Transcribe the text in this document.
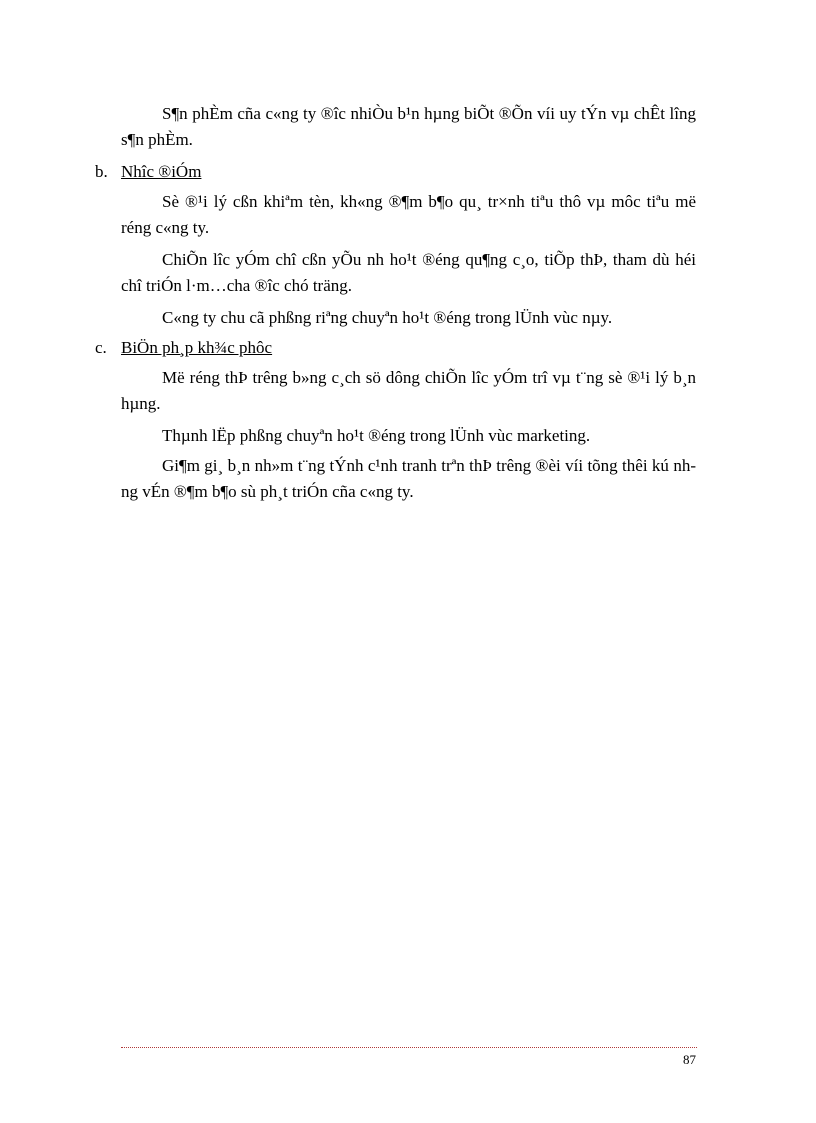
S¶n phÈm cña c«ng ty ®îc nhiÒu b¹n hµng biÕt ®Õn víi uy tÝn vµ chÊt lîng s¶n phÈm.

b. Nhîc ®iÓm

Sè ®¹i lý cßn khiªm tèn, kh«ng ®¶m b¶o qu¸ tr×nh tiªu thô vµ môc tiªu më réng c«ng ty.

ChiÕn lîc yÓm chî cßn yÕu nh ho¹t ®éng qu¶ng c¸o, tiÕp thÞ, tham dù héi chî triÓn l·m…cha ®îc chó träng.

C«ng ty chu cã phßng riªng chuyªn ho¹t ®éng trong lÜnh vùc nµy.

c. BiÖn ph¸p kh¾c phôc

Më réng thÞ trêng b»ng c¸ch sö dông chiÕn lîc yÓm trî vµ t¨ng sè ®¹i lý b¸n hµng.

Thµnh lËp phßng chuyªn ho¹t ®éng trong lÜnh vùc marketing.

Gi¶m gi¸ b¸n nh»m t¨ng tÝnh c¹nh tranh trªn thÞ trêng ®èi víi tõng thêi kú nhng vÉn ®¶m b¶o sù ph¸t triÓn cña c«ng ty.

87
